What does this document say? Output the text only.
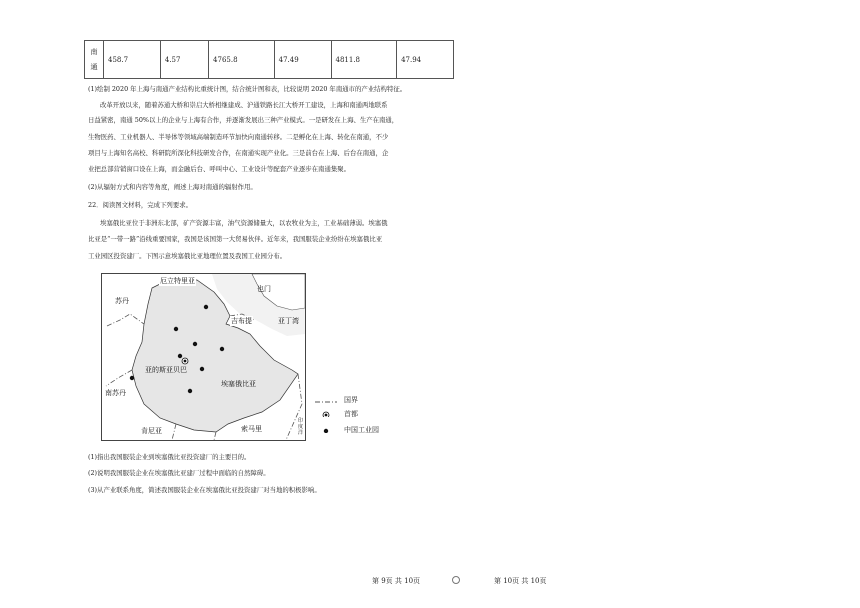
南
通	458.7	4.57	4765.8	47.49	4811.8	47.94
(1)绘制 2020 年上海与南通产业结构比重统计图，结合统计图和表，比较说明 2020 年南通市的产业结构特征。
改革开放以来，随着苏通大桥和崇启大桥相继建成、沪通铁路长江大桥开工建设，上海和南通两地联系
日益紧密，南通 50%以上的企业与上海有合作，并逐渐发展出三种产业模式。一是研发在上海、生产在南通，
生物医药、工业机器人、半导体等领域高端制造环节加快向南通转移。二是孵化在上海、转化在南通，不少
项目与上海知名高校、科研院所深化科技研发合作，在南通实现产业化。三是前台在上海、后台在南通，企
业把总部营销窗口设在上海，而金融后台、呼叫中心、工业设计等配套产业逐步在南通集聚。
(2)从辐射方式和内容等角度，阐述上海对南通的辐射作用。
22．阅读图文材料，完成下列要求。
埃塞俄比亚位于非洲东北部，矿产资源丰富，油气资源储量大，以农牧业为主，工业基础薄弱。埃塞俄
比亚是“一带一路”沿线重要国家，我国是该国第一大贸易伙伴。近年来，我国服装企业纷纷在埃塞俄比亚
工业园区投资建厂。下图示意埃塞俄比亚地理位置及我国工业园分布。
厄立特里亚
也门
苏丹
吉布提	亚丁湾
亚的斯亚贝巴
埃塞俄比亚
南苏丹
肯尼亚	索马里
印度洋
国界
首都
中国工业园
(1)指出我国服装企业到埃塞俄比亚投资建厂的主要目的。
(2)说明我国服装企业在埃塞俄比亚建厂过程中面临的自然障碍。
(3)从产业联系角度，简述我国服装企业在埃塞俄比亚投资建厂对当地的积极影响。
第 9页 共 10页	第 10页 共 10页
